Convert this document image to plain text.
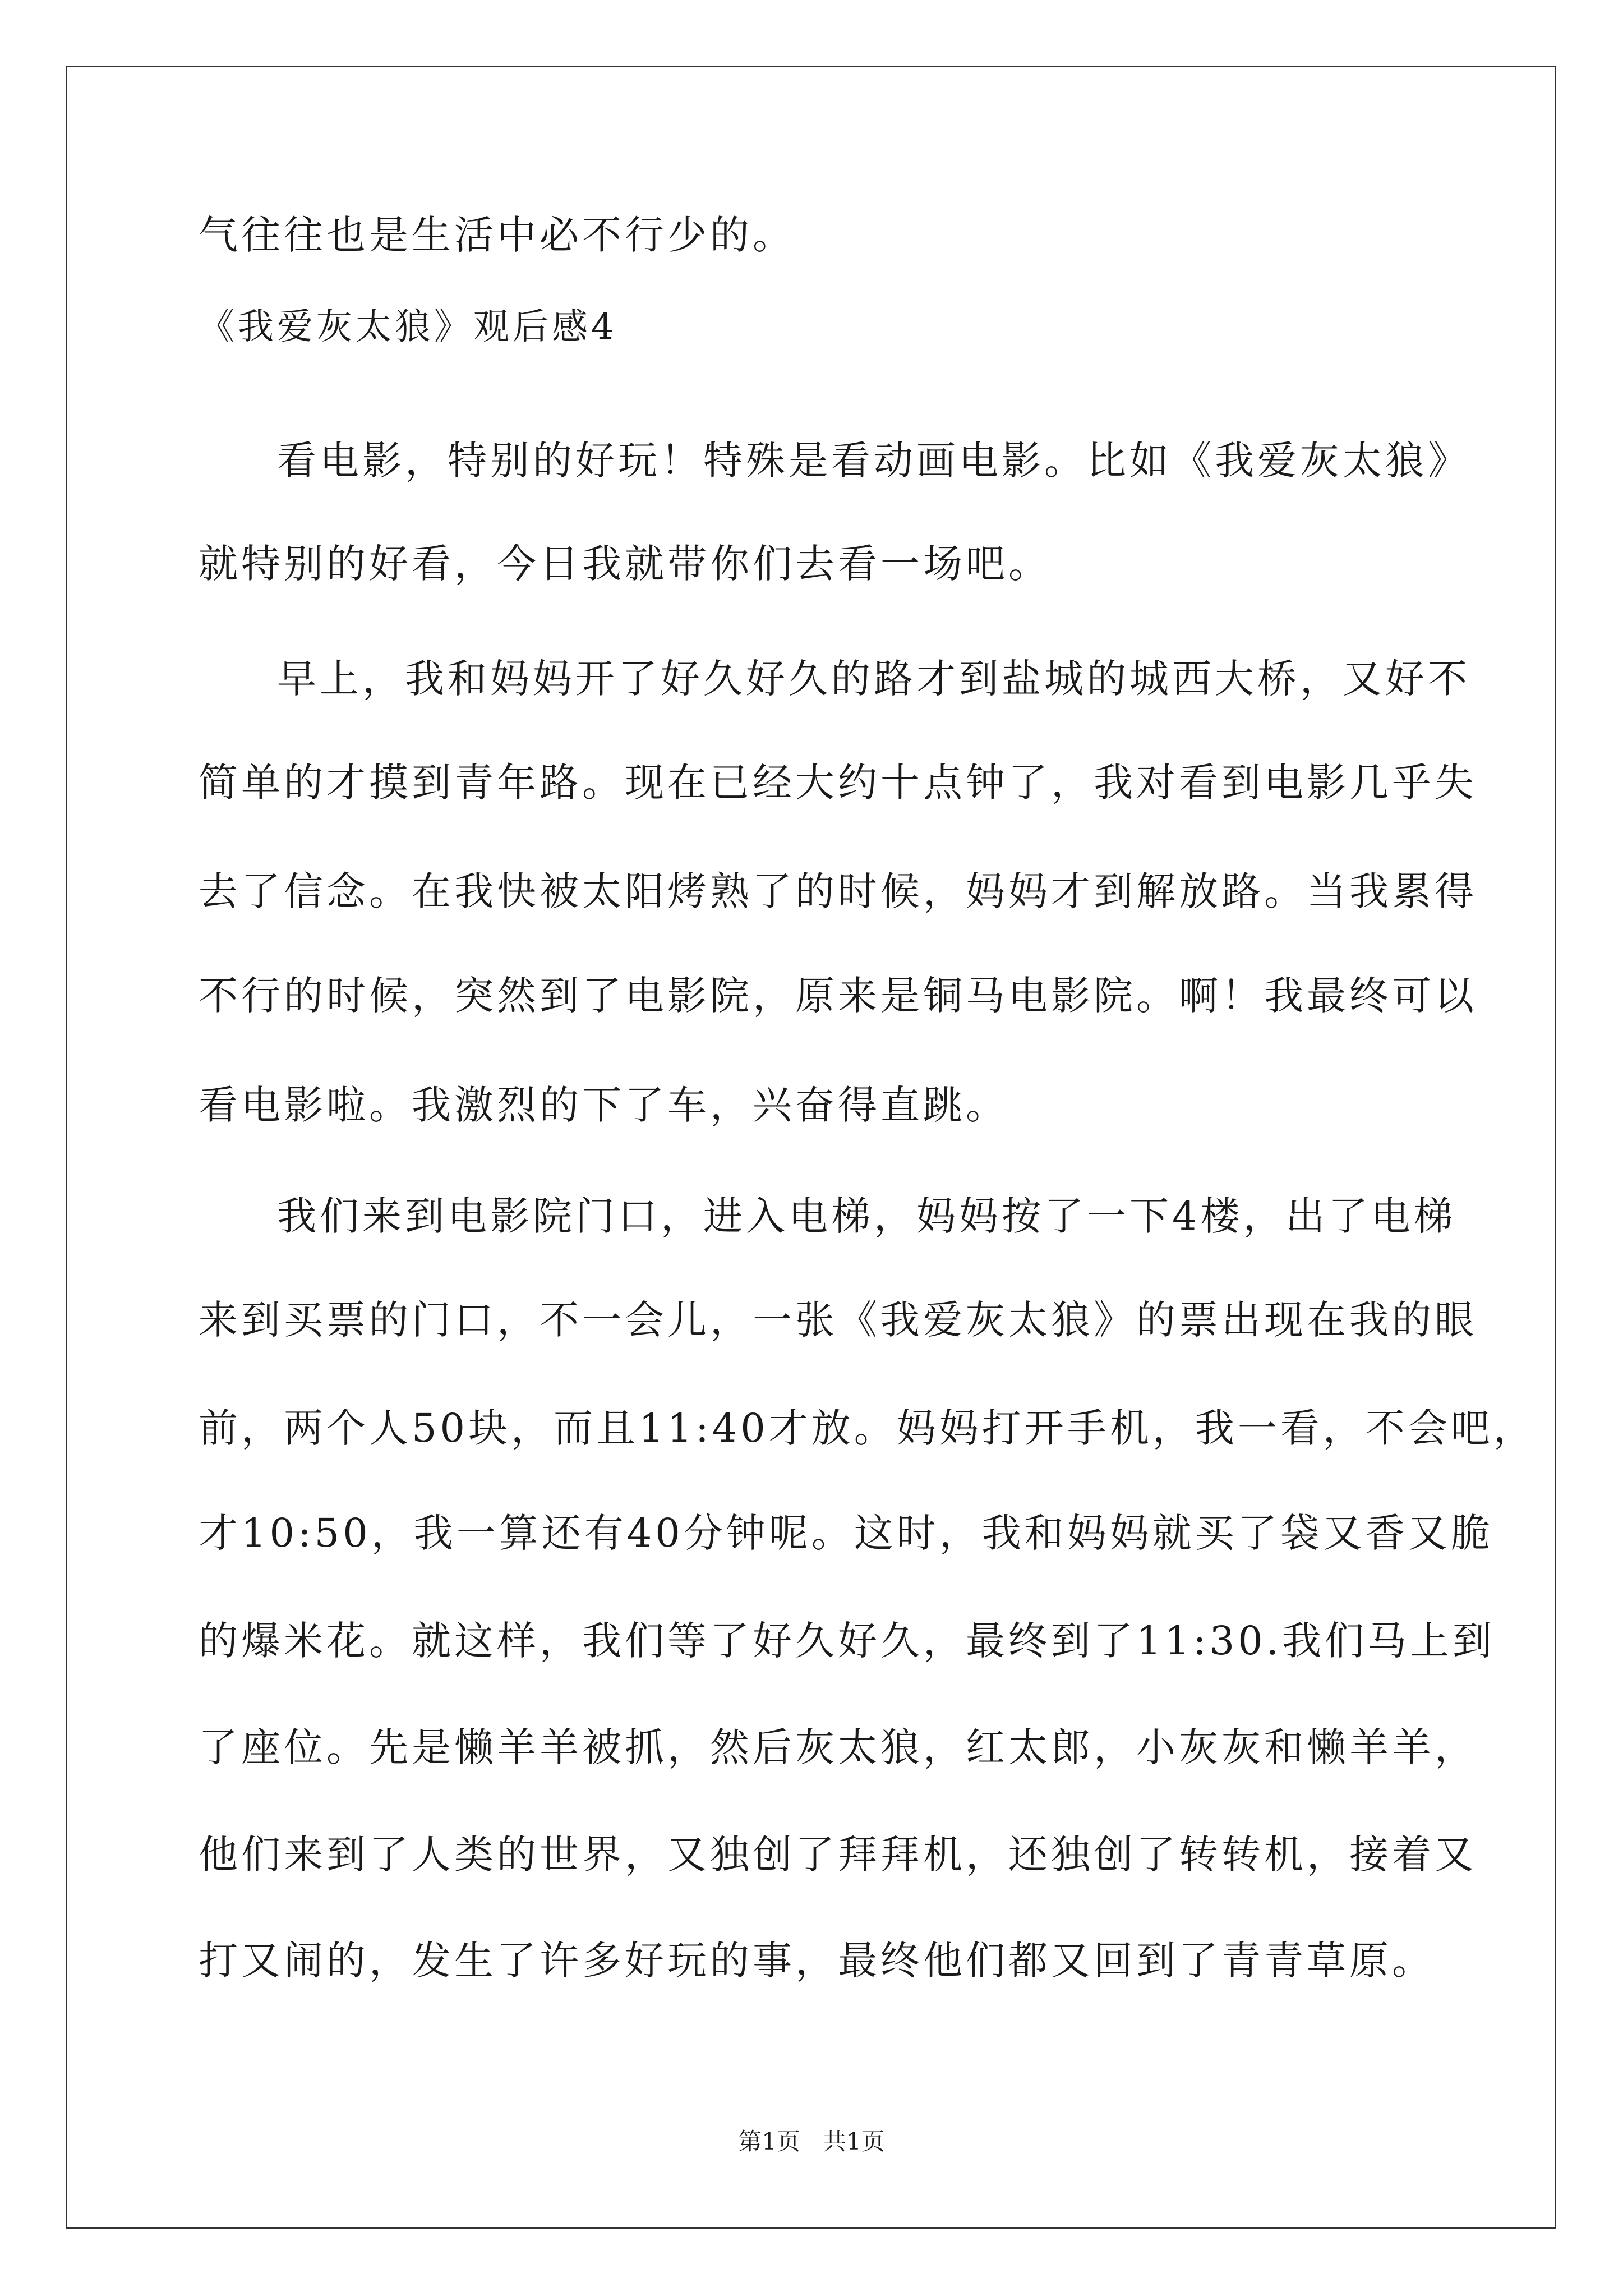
气往往也是生活中必不行少的。
《我爱灰太狼》观后感4
看电影，特别的好玩！特殊是看动画电影。比如《我爱灰太狼》
就特别的好看，今日我就带你们去看一场吧。
早上，我和妈妈开了好久好久的路才到盐城的城西大桥，又好不
简单的才摸到青年路。现在已经大约十点钟了，我对看到电影几乎失
去了信念。在我快被太阳烤熟了的时候，妈妈才到解放路。当我累得
不行的时候，突然到了电影院，原来是铜马电影院。啊！我最终可以
看电影啦。我激烈的下了车，兴奋得直跳。
我们来到电影院门口，进入电梯，妈妈按了一下4楼，出了电梯
来到买票的门口，不一会儿，一张《我爱灰太狼》的票出现在我的眼
前，两个人50块，而且11:40才放。妈妈打开手机，我一看，不会吧，
才10:50，我一算还有40分钟呢。这时，我和妈妈就买了袋又香又脆
的爆米花。就这样，我们等了好久好久，最终到了11:30.我们马上到
了座位。先是懒羊羊被抓，然后灰太狼，红太郎，小灰灰和懒羊羊，
他们来到了人类的世界，又独创了拜拜机，还独创了转转机，接着又
打又闹的，发生了许多好玩的事，最终他们都又回到了青青草原。
第1页   共1页
